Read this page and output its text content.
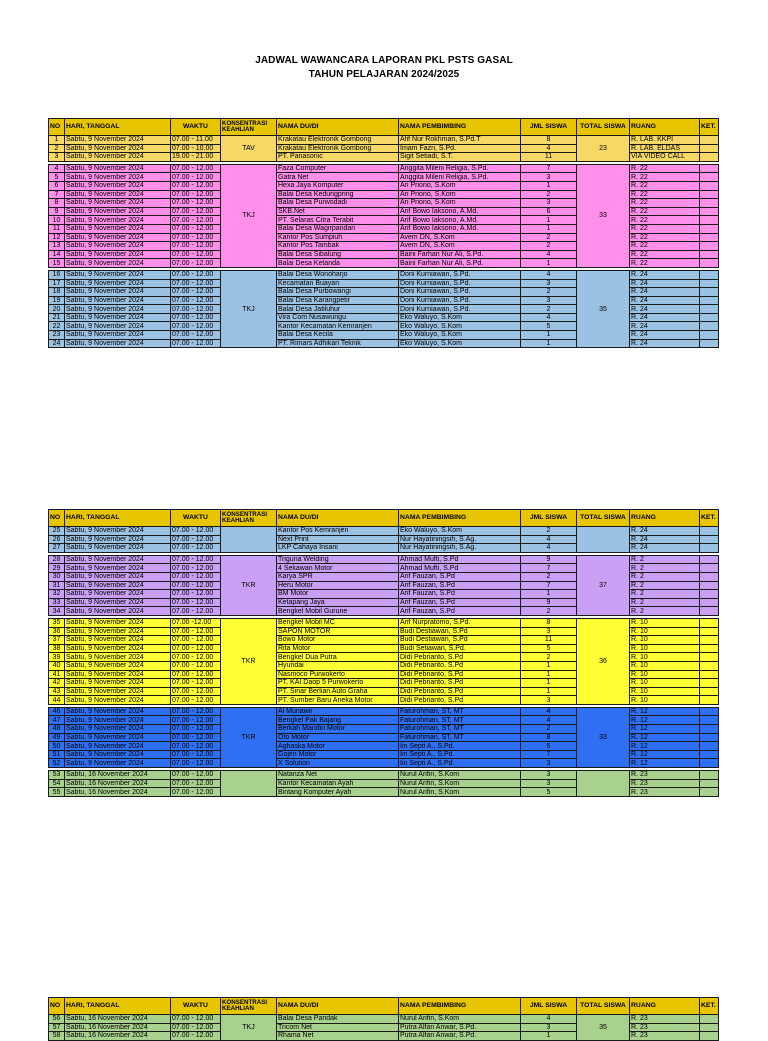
JADWAL WAWANCARA LAPORAN PKL PSTS GASAL
TAHUN PELAJARAN 2024/2025
NO	HARI, TANGGAL	WAKTU	KONSENTRASI KEAHLIAN	NAMA DU/DI	NAMA PEMBIMBING	JML SISWA	TOTAL SISWA	RUANG	KET.
1	Sabtu, 9 November 2024	07.00 - 11.00	TAV	Krakatau Elektronik Gombong	Afif Nur Rokhman, S.Pd.T	8	23	R. LAB. KKPI	
2	Sabtu, 9 November 2024	07.00 - 10.00		Krakatau Elektronik Gombong	Imam Fazri, S.Pd.	4		R. LAB. ELDAS	
3	Sabtu, 9 November 2024	19.00 - 21.00		PT. Panasonic	Sigit Setiadi, S.T.	11		VIA VIDEO CALL	

4	Sabtu, 9 November 2024	07.00 - 12.00	TKJ	Faza Computer	Anggita Mileni Religia, S.Pd.	7	33	R. 22	
5	Sabtu, 9 November 2024	07.00 - 12.00		Gatra Net	Anggita Mileni Religia, S.Pd.	3		R. 22	
6	Sabtu, 9 November 2024	07.00 - 12.00		Hexa Jaya Komputer	Ari Priono, S.Kom	1		R. 22	
7	Sabtu, 9 November 2024	07.00 - 12.00		Balai Desa Kedungpring	Ari Priono, S.Kom	2		R. 22	
8	Sabtu, 9 November 2024	07.00 - 12.00		Balai Desa Purwodadi	Ari Priono, S.Kom	3		R. 22	
9	Sabtu, 9 November 2024	07.00 - 12.00		SKB.Net	Arif Bowo Iaksono, A.Md.	6		R. 22	
10	Sabtu, 9 November 2024	07.00 - 12.00		PT. Selaras Citra Terabit	Arif Bowo Iaksono, A.Md.	1		R. 22	
11	Sabtu, 9 November 2024	07.00 - 12.00		Balai Desa Wagirpandan	Arif Bowo Iaksono, A.Md.	1		R. 22	
12	Sabtu, 9 November 2024	07.00 - 12.00		Kantor Pos Sumpiuh	Avem DN, S.Kom	2		R. 22	
13	Sabtu, 9 November 2024	07.00 - 12.00		Kantor Pos Tambak	Avem DN, S.Kom	2		R. 22	
14	Sabtu, 9 November 2024	07.00 - 12.00		Balai Desa Sibalung	Baini Farhan Nur Ali, S.Pd.	4		R. 22	
15	Sabtu, 9 November 2024	07.00 - 12.00		Balai Desa Ketanda	Baini Farhan Nur Ali, S.Pd.	1		R. 22	

16	Sabtu, 9 November 2024	07.00 - 12.00	TKJ	Balai Desa Wonoharjo	Doni Kurniawan, S.Pd.	4	35	R. 24	
17	Sabtu, 9 November 2024	07.00 - 12.00		Kecamatan Buayan	Doni Kurniawan, S.Pd.	3		R. 24	
18	Sabtu, 9 November 2024	07.00 - 12.00		Balai Desa Purbowangi	Doni Kurniawan, S.Pd.	2		R. 24	
19	Sabtu, 9 November 2024	07.00 - 12.00		Balai Desa Karangpetir	Doni Kurniawan, S.Pd.	3		R. 24	
20	Sabtu, 9 November 2024	07.00 - 12.00		Balai Desa Jatiluhur	Doni Kurniawan, S.Pd.	2		R. 24	
21	Sabtu, 9 November 2024	07.00 - 12.00		Vira Com Nusawungu	Eko Waluyo, S.Kom	4		R. 24	
22	Sabtu, 9 November 2024	07.00 - 12.00		Kantor Kecamatan Kemranjen	Eko Waluyo, S.Kom	5		R. 24	
23	Sabtu, 9 November 2024	07.00 - 12.00		Balai Desa Kecila	Eko Waluyo, S.Kom	1		R. 24	
24	Sabtu, 9 November 2024	07.00 - 12.00		PT. Rimars Adhikari Teknik	Eko Waluyo, S.Kom	1		R. 24	
NO	HARI, TANGGAL	WAKTU	KONSENTRASI KEAHLIAN	NAMA DU/DI	NAMA PEMBIMBING	JML SISWA	TOTAL SISWA	RUANG	KET.
25	Sabtu, 9 November 2024	07.00 - 12.00		Kantor Pos Kemranjen	Eko Waluyo, S.Kom	2		R. 24	
26	Sabtu, 9 November 2024	07.00 - 12.00		Next Print	Nur Hayatiningsih, S.Ag.	4		R. 24	
27	Sabtu, 9 November 2024	07.00 - 12.00		LKP Cahaya Insani	Nur Hayatiningsih, S.Ag.	4		R. 24	

28	Sabtu, 9 November 2024	07.00 - 12.00	TKR	Triguna Welding	Ahmad Mufti, S.Pd	9	37	R. 2	
29	Sabtu, 9 November 2024	07.00 - 12.00		4 Sekawan Motor	Ahmad Mufti, S.Pd	7		R. 2	
30	Sabtu, 9 November 2024	07.00 - 12.00		Karya SPR	Arif Fauzan, S.Pd	2		R. 2	
31	Sabtu, 9 November 2024	07.00 - 12.00		Heru Motor	Arif Fauzan, S.Pd	7		R. 2	
32	Sabtu, 9 November 2024	07.00 - 12.00		BM Motor	Arif Fauzan, S.Pd	1		R. 2	
33	Sabtu, 9 November 2024	07.00 - 12.00		Ketapang Jaya	Arif Fauzan, S.Pd	9		R. 2	
34	Sabtu, 9 November 2024	07.00 - 12.00		Bengkel Mobil Gurune	Arif Fauzan, S.Pd	2		R. 2	

35	Sabtu, 9 November 2024	07.00 -12.00	TKR	Bengkel Mobil MC	Arif Nurpratomo, S.Pd.	8	36	R. 10	
36	Sabtu, 9 November 2024	07.00 - 12.00		SAPON MOTOR	Budi Destiawan, S.Pd	3		R. 10	
37	Sabtu, 9 November 2024	07.00 - 12.00		Bowo Motor	Budi Destiawan, S.Pd	11		R. 10	
38	Sabtu, 9 November 2024	07.00 - 12.00		Rifa Motor	Budi Setiawan, S.Pd.	5		R. 10	
39	Sabtu, 9 November 2024	07.00 - 12.00		Bengkel Dua Putra	Didi Pebrianto, S.Pd	2		R. 10	
40	Sabtu, 9 November 2024	07.00 - 12.00		Hyundai	Didi Pebrianto, S.Pd	1		R. 10	
41	Sabtu, 9 November 2024	07.00 - 12.00		Nasmoco Purwokerto	Didi Pebrianto, S.Pd	1		R. 10	
42	Sabtu, 9 November 2024	07.00 - 12.00		PT. KAI Daop 5 Purwokerto	Didi Pebrianto, S.Pd	1		R. 10	
43	Sabtu, 9 November 2024	07.00 - 12.00		PT. Sinar Berlian Auto Graha	Didi Pebrianto, S.Pd	1		R. 10	
44	Sabtu, 9 November 2024	07.00 - 12.00		PT. Sumber Baru Aneka Motor	Didi Pebrianto, S.Pd	3		R. 10	

46	Sabtu, 9 November 2024	07.00 - 12.00	TKR	Al Munawir	Faturohman, ST, MT	4	33	R. 12	
47	Sabtu, 9 November 2024	07.00 - 12.00		Bengkel Pak Bajang	Faturohman, ST, MT	4		R. 12	
48	Sabtu, 9 November 2024	07.00 - 12.00		Berkah Mandiri Motor	Faturohman, ST, MT	2		R. 12	
49	Sabtu, 9 November 2024	07.00 - 12.00		Oto Motor	Faturohman, ST, MT	8		R. 12	
50	Sabtu, 9 November 2024	07.00 - 12.00		Aghaska Motor	Iin Septi A., S.Pd.	5		R. 12	
51	Sabtu, 9 November 2024	07.00 - 12.00		Gojen Motor	Iin Septi A., S.Pd.	7		R. 12	
52	Sabtu, 9 November 2024	07.00 - 12.00		X Solution	Iin Septi A., S.Pd.	3		R. 12	

53	Sabtu, 16 November 2024	07.00 - 12.00		Natanza Net	Nurul Arifin, S.Kom	3		R. 23	
54	Sabtu, 16 November 2024	07.00 - 12.00		Kantor Kecamatan Ayah	Nurul Arifin, S.Kom	3		R. 23	
55	Sabtu, 16 November 2024	07.00 - 12.00		Bintang Komputer Ayah	Nurul Arifin, S.Kom	5		R. 23	
NO	HARI, TANGGAL	WAKTU	KONSENTRASI KEAHLIAN	NAMA DU/DI	NAMA PEMBIMBING	JML SISWA	TOTAL SISWA	RUANG	KET.
56	Sabtu, 16 November 2024	07.00 - 12.00	TKJ	Balai Desa Pandak	Nurul Arifin, S.Kom	4	35	R. 23	
57	Sabtu, 16 November 2024	07.00 - 12.00		Tricom Net	Putra Alfan Anwar, S.Pd.	3		R. 23	
58	Sabtu, 16 November 2024	07.00 - 12.00		Rhama Net	Putra Alfan Anwar, S.Pd.	1		R. 23	
